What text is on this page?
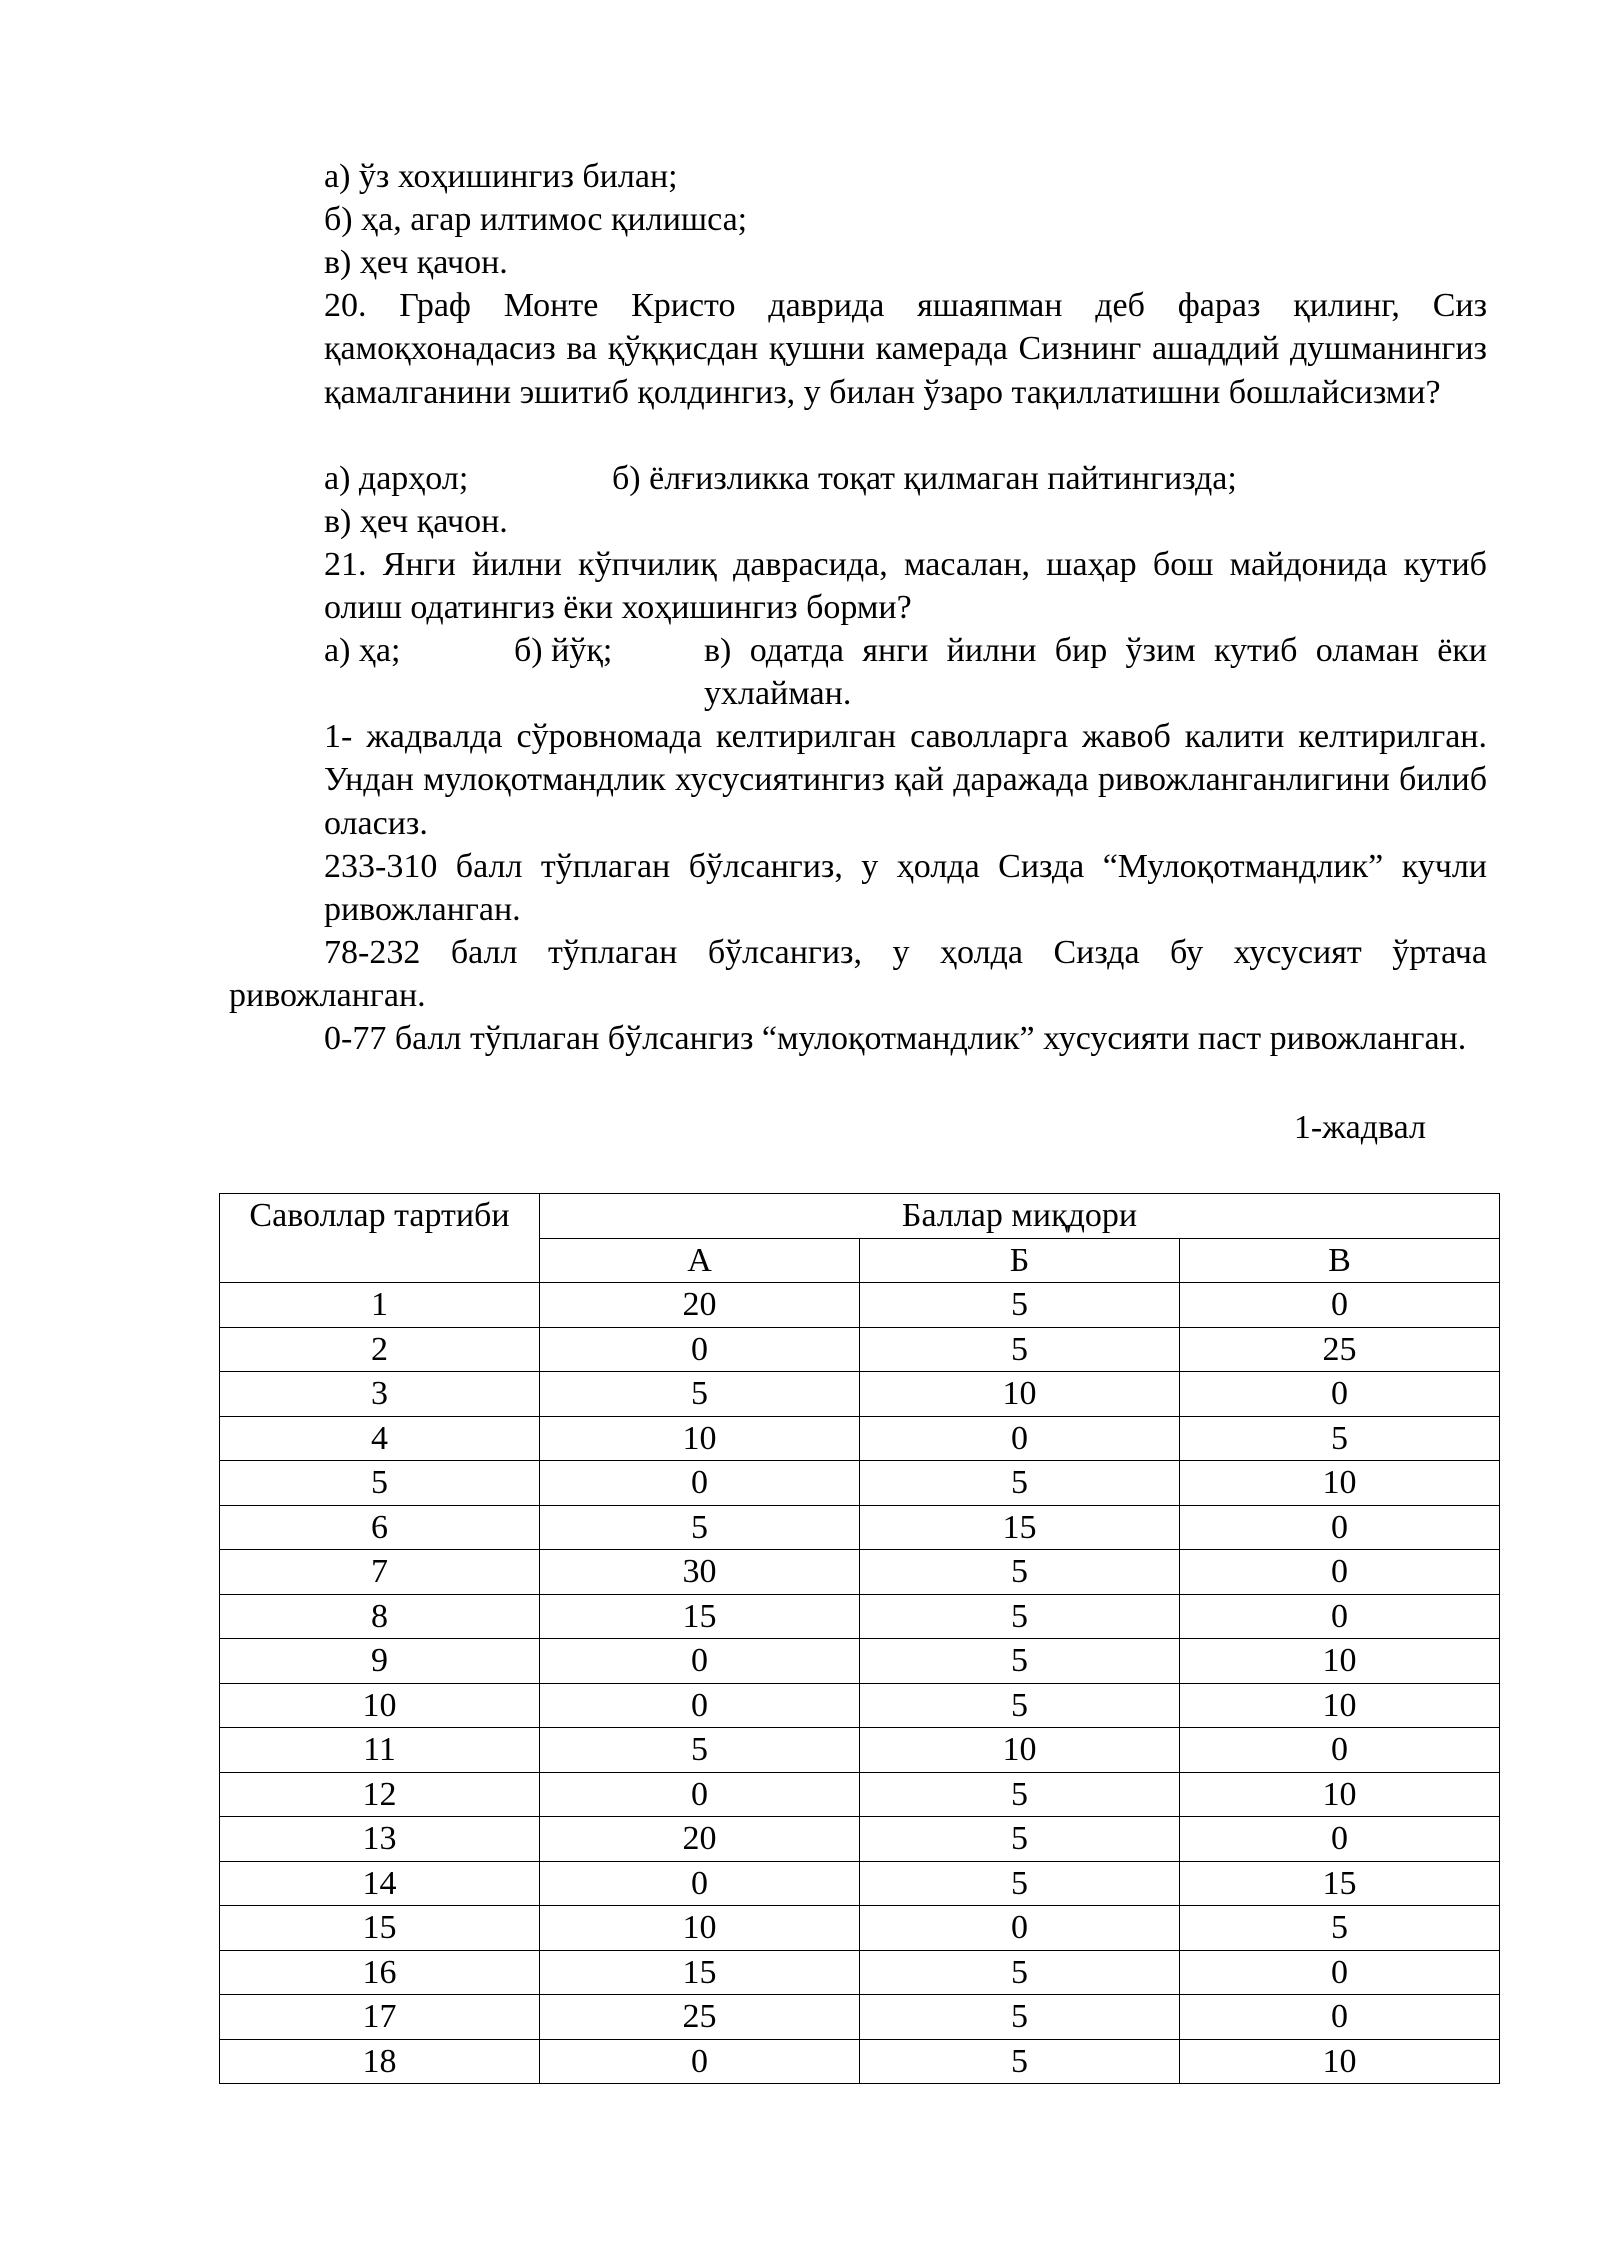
а) ўз хоҳишингиз билан;

б) ҳа, агар илтимос қилишса;

в) ҳеч қачон.

20. Граф Монте Кристо даврида яшаяпман деб фараз қилинг, Сиз қамоқхонадасиз ва қўққисдан қушни камерада Сизнинг ашаддий душманингиз қамалганини эшитиб қолдингиз, у билан ўзаро тақиллатишни бошлайсизми?

а) дарҳол;	б) ёлғизликка тоқат қилмаган пайтингизда;

в) ҳеч қачон.

21. Янги йилни кўпчилиқ даврасида, масалан, шаҳар бош майдонида кутиб олиш одатингиз ёки хоҳишингиз борми?

а) ҳа;	б) йўқ;	в) одатда янги йилни бир ўзим кутиб оламан ёки ухлайман.

1- жадвалда сўровномада келтирилган саволларга жавоб калити келтирилган. Ундан мулоқотмандлик хусусиятингиз қай даражада ривожланганлигини билиб оласиз.

233-310 балл тўплаган бўлсангиз, у ҳолда Сизда “Мулоқотмандлик” кучли ривожланган.

78-232 балл тўплаган бўлсангиз, у ҳолда Сизда бу хусусият ўртача ривожланган.

0-77 балл тўплаган бўлсангиз “мулоқотмандлик” хусусияти паст ривожланган.

1-жадвал
Саволлар тартиби	Баллар миқдори		
	А	Б	В
1	20	5	0
2	0	5	25
3	5	10	0
4	10	0	5
5	0	5	10
6	5	15	0
7	30	5	0
8	15	5	0
9	0	5	10
10	0	5	10
11	5	10	0
12	0	5	10
13	20	5	0
14	0	5	15
15	10	0	5
16	15	5	0
17	25	5	0
18	0	5	10
